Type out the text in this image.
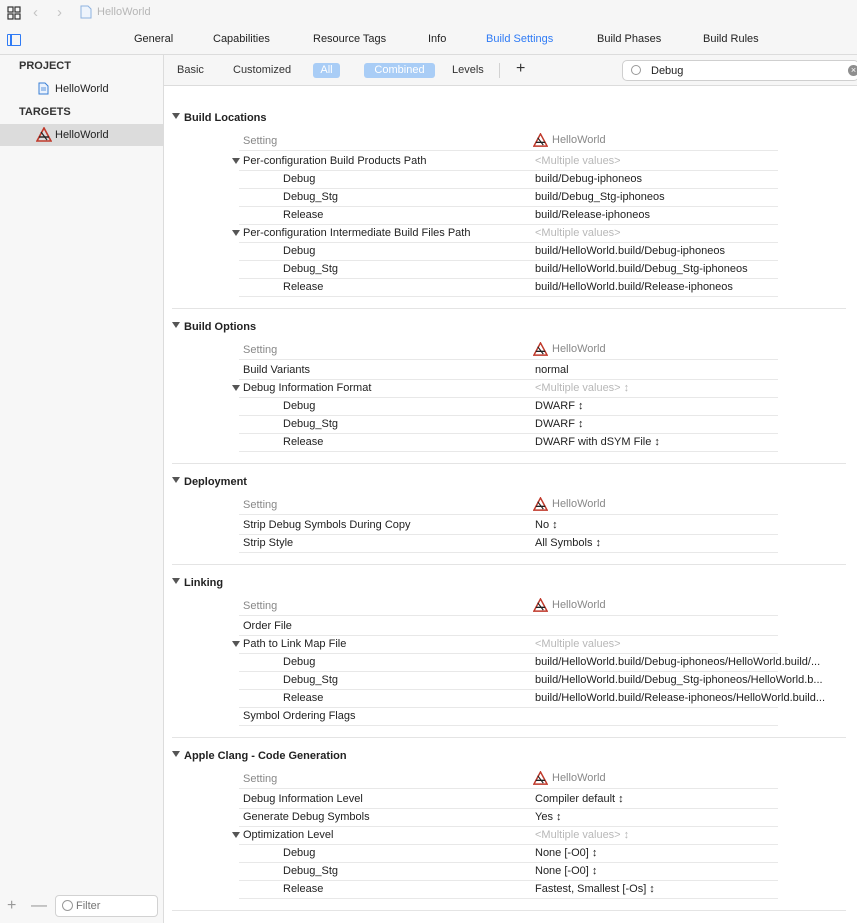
‹ ›	HelloWorld
General	Capabilities	Resource Tags	Info	Build Settings	Build Phases	Build Rules
PROJECT
HelloWorld
TARGETS
HelloWorld
+ —
Filter
Basic	Customized	All	Combined	Levels +
Debug	×
Build Locations
Setting	HelloWorld
Per-configuration Build Products Path	<Multiple values>
Debug	build/Debug-iphoneos
Debug_Stg	build/Debug_Stg-iphoneos
Release	build/Release-iphoneos
Per-configuration Intermediate Build Files Path	<Multiple values>
Debug	build/HelloWorld.build/Debug-iphoneos
Debug_Stg	build/HelloWorld.build/Debug_Stg-iphoneos
Release	build/HelloWorld.build/Release-iphoneos
Build Options
Setting	HelloWorld
Build Variants	normal
Debug Information Format	<Multiple values> ↕
Debug	DWARF ↕
Debug_Stg	DWARF ↕
Release	DWARF with dSYM File ↕
Deployment
Setting	HelloWorld
Strip Debug Symbols During Copy	No ↕
Strip Style	All Symbols ↕
Linking
Setting	HelloWorld
Order File
Path to Link Map File	<Multiple values>
Debug	build/HelloWorld.build/Debug-iphoneos/HelloWorld.build/...
Debug_Stg	build/HelloWorld.build/Debug_Stg-iphoneos/HelloWorld.b...
Release	build/HelloWorld.build/Release-iphoneos/HelloWorld.build...
Symbol Ordering Flags
Apple Clang - Code Generation
Setting	HelloWorld
Debug Information Level	Compiler default ↕
Generate Debug Symbols	Yes ↕
Optimization Level	<Multiple values> ↕
Debug	None [-O0] ↕
Debug_Stg	None [-O0] ↕
Release	Fastest, Smallest [-Os] ↕
